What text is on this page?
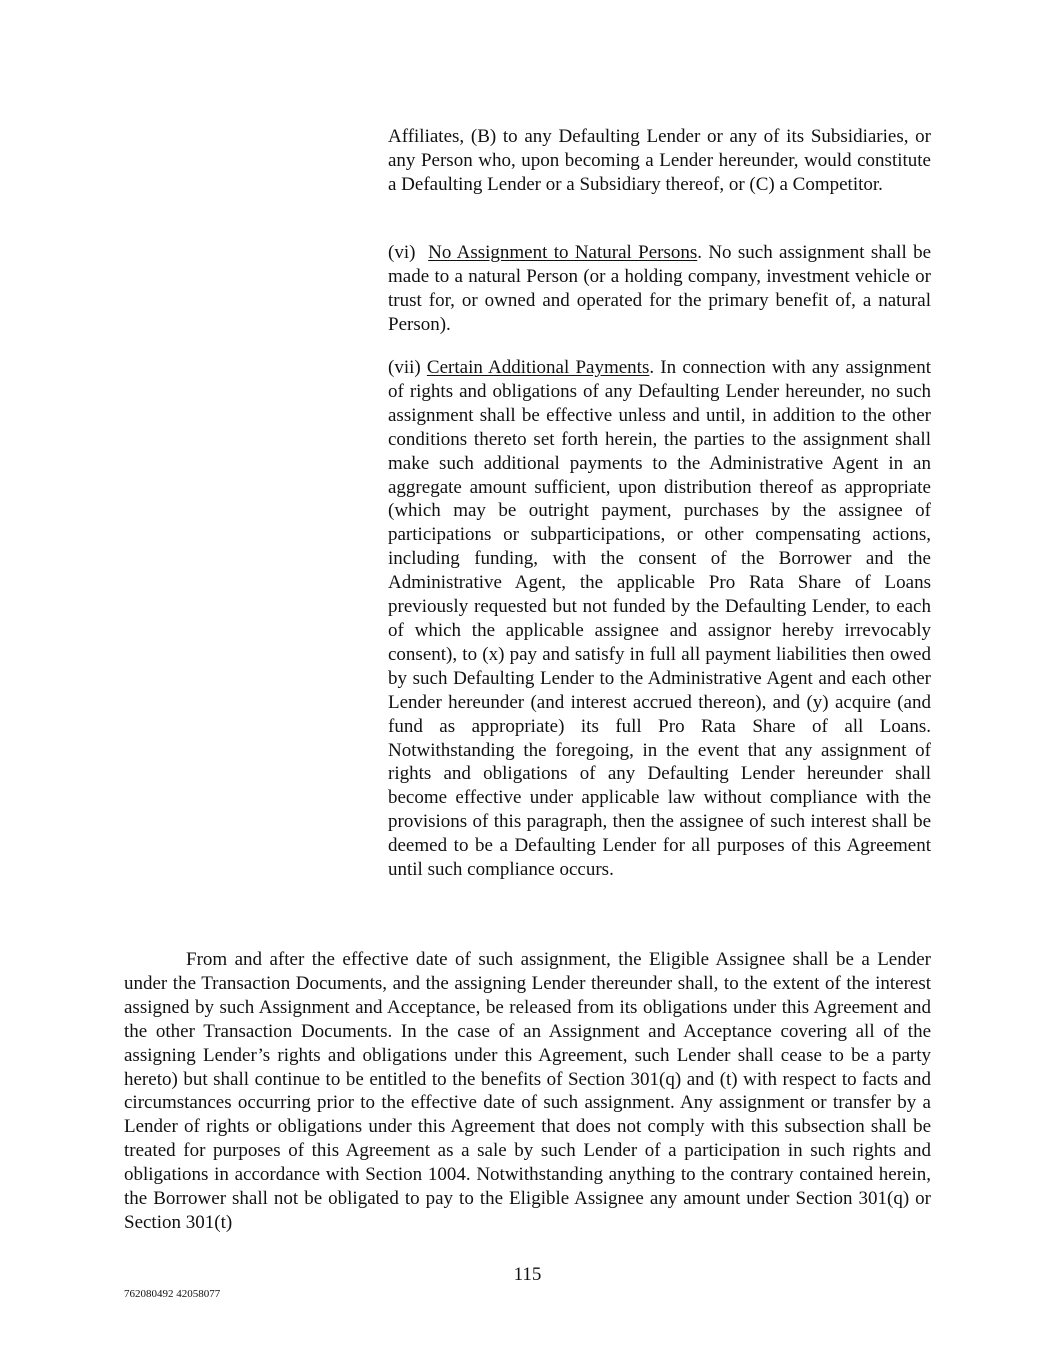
Affiliates, (B) to any Defaulting Lender or any of its Subsidiaries, or any Person who, upon becoming a Lender hereunder, would constitute a Defaulting Lender or a Subsidiary thereof, or (C) a Competitor.

(vi) No Assignment to Natural Persons. No such assignment shall be made to a natural Person (or a holding company, investment vehicle or trust for, or owned and operated for the primary benefit of, a natural Person).

(vii) Certain Additional Payments. In connection with any assignment of rights and obligations of any Defaulting Lender hereunder, no such assignment shall be effective unless and until, in addition to the other conditions thereto set forth herein, the parties to the assignment shall make such additional payments to the Administrative Agent in an aggregate amount sufficient, upon distribution thereof as appropriate (which may be outright payment, purchases by the assignee of participations or subparticipations, or other compensating actions, including funding, with the consent of the Borrower and the Administrative Agent, the applicable Pro Rata Share of Loans previously requested but not funded by the Defaulting Lender, to each of which the applicable assignee and assignor hereby irrevocably consent), to (x) pay and satisfy in full all payment liabilities then owed by such Defaulting Lender to the Administrative Agent and each other Lender hereunder (and interest accrued thereon), and (y) acquire (and fund as appropriate) its full Pro Rata Share of all Loans. Notwithstanding the foregoing, in the event that any assignment of rights and obligations of any Defaulting Lender hereunder shall become effective under applicable law without compliance with the provisions of this paragraph, then the assignee of such interest shall be deemed to be a Defaulting Lender for all purposes of this Agreement until such compliance occurs.

From and after the effective date of such assignment, the Eligible Assignee shall be a Lender under the Transaction Documents, and the assigning Lender thereunder shall, to the extent of the interest assigned by such Assignment and Acceptance, be released from its obligations under this Agreement and the other Transaction Documents. In the case of an Assignment and Acceptance covering all of the assigning Lender’s rights and obligations under this Agreement, such Lender shall cease to be a party hereto) but shall continue to be entitled to the benefits of Section 301(q) and (t) with respect to facts and circumstances occurring prior to the effective date of such assignment. Any assignment or transfer by a Lender of rights or obligations under this Agreement that does not comply with this subsection shall be treated for purposes of this Agreement as a sale by such Lender of a participation in such rights and obligations in accordance with Section 1004. Notwithstanding anything to the contrary contained herein, the Borrower shall not be obligated to pay to the Eligible Assignee any amount under Section 301(q) or Section 301(t)

115
762080492 42058077
